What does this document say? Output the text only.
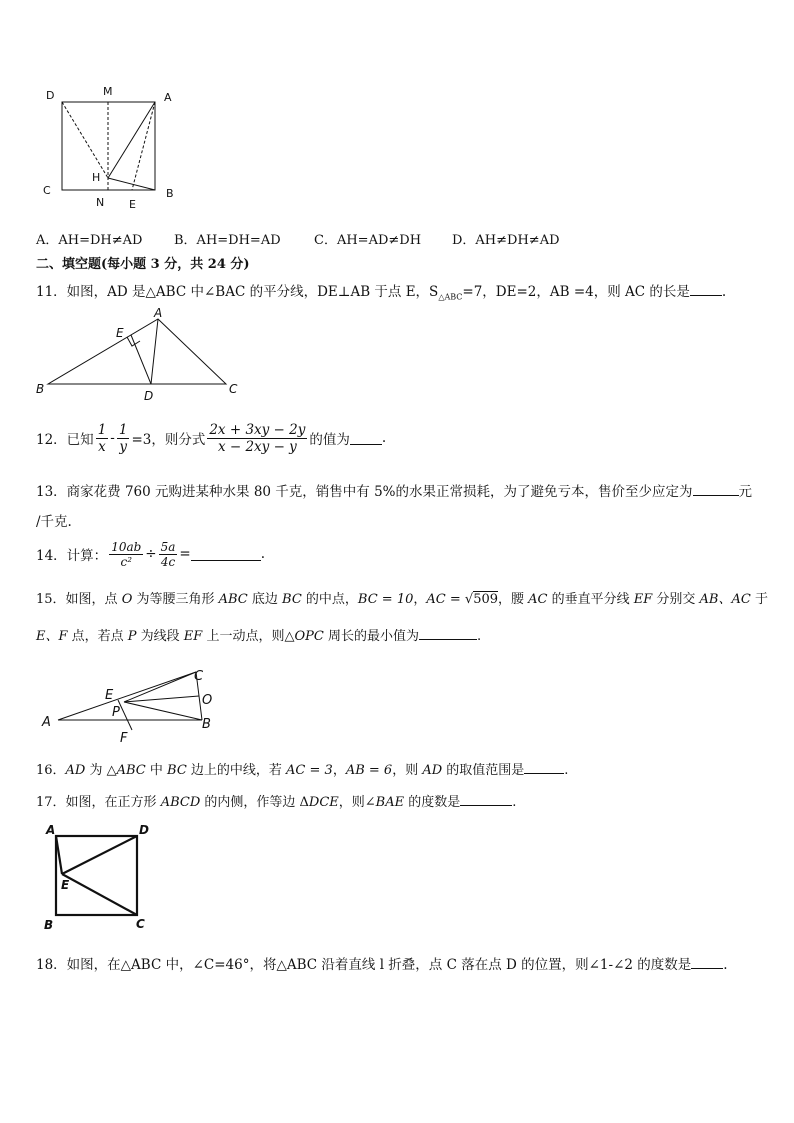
D	M	A
H
C
N E
B
A．AH=DH≠AD B．AH=DH=AD	C．AH=AD≠DH D．AH≠DH≠AD
二、填空题(每小题 3 分，共 24 分)
11．如图，AD 是△ABC 中∠BAC 的平分线，DE⊥AB 于点 E，$S_{\triangle ABC}=7$，DE=2，AB =4，则 AC 的长是 .
A
E
B	D	C
12．已知 $\frac{1}{x} - \frac{1}{y} =3$，则分式 $\frac{2x + 3xy - 2y}{x - 2xy - y}$ 的值为 .
13．商家花费 760 元购进某种水果 80 千克，销售中有 5%的水果正常损耗，为了避免亏本，售价至少应定为	元
/千克.
14．计算： $\frac{10ab}{\text{c²}} \div \frac{5a}{4c}$ =	.
15．如图，点 O 为等腰三角形 ABC 底边 BC 的中点，BC = 10，AC = √509，腰 AC 的垂直平分线 EF 分别交 AB、AC 于
E、F 点，若点 P 为线段 EF 上一动点，则△OPC 周长的最小值为	.
C
E	O
P
A	B
F
16．AD 为 △ABC 中 BC 边上的中线，若 AC = 3，AB = 6，则 AD 的取值范围是	.
17．如图，在正方形 ABCD 的内侧，作等边 ΔDCE，则∠BAE 的度数是	.
A	D
E
B	C
18．如图，在△ABC 中，∠C=46°，将△ABC 沿着直线 l 折叠，点 C 落在点 D 的位置，则∠1-∠2 的度数是 .
